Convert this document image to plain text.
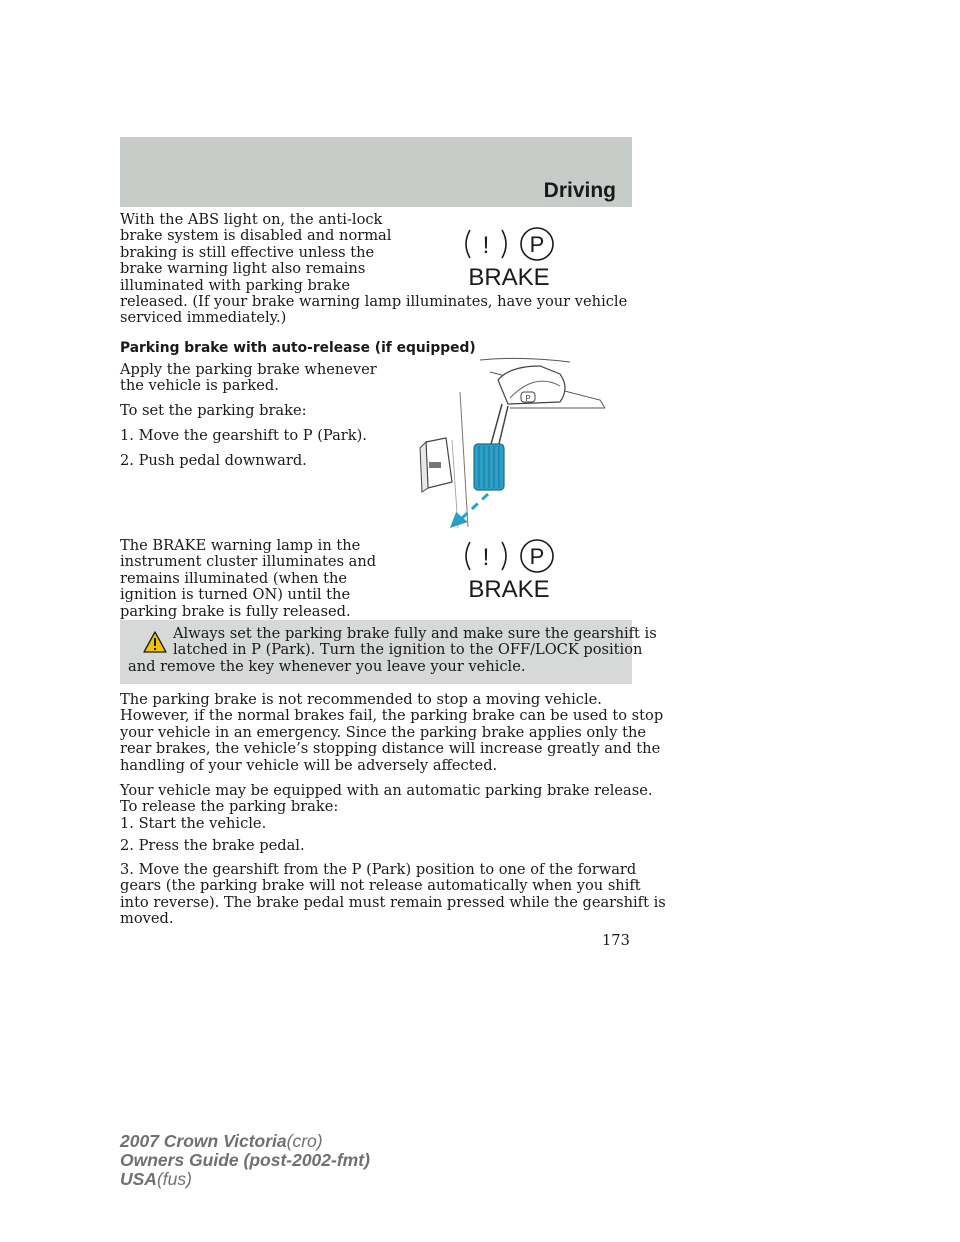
Driving

With the ABS light on, the anti-lock
brake system is disabled and normal
braking is still effective unless the
brake warning light also remains
illuminated with parking brake
released. (If your brake warning lamp illuminates, have your vehicle
serviced immediately.)

! P
BRAKE
Parking brake with auto-release (if equipped)

Apply the parking brake whenever
the vehicle is parked.

To set the parking brake:

1. Move the gearshift to P (Park).

2. Push pedal downward.

P

The BRAKE warning lamp in the
instrument cluster illuminates and
remains illuminated (when the
ignition is turned ON) until the
parking brake is fully released.

! P
BRAKE

Always set the parking brake fully and make sure the gearshift is
latched in P (Park). Turn the ignition to the OFF/LOCK position
and remove the key whenever you leave your vehicle.

The parking brake is not recommended to stop a moving vehicle.
However, if the normal brakes fail, the parking brake can be used to stop
your vehicle in an emergency. Since the parking brake applies only the
rear brakes, the vehicle’s stopping distance will increase greatly and the
handling of your vehicle will be adversely affected.

Your vehicle may be equipped with an automatic parking brake release.
To release the parking brake:

1. Start the vehicle.

2. Press the brake pedal.

3. Move the gearshift from the P (Park) position to one of the forward
gears (the parking brake will not release automatically when you shift
into reverse). The brake pedal must remain pressed while the gearshift is
moved.

173
2007 Crown Victoria(cro)
Owners Guide (post-2002-fmt)
USA(fus)
